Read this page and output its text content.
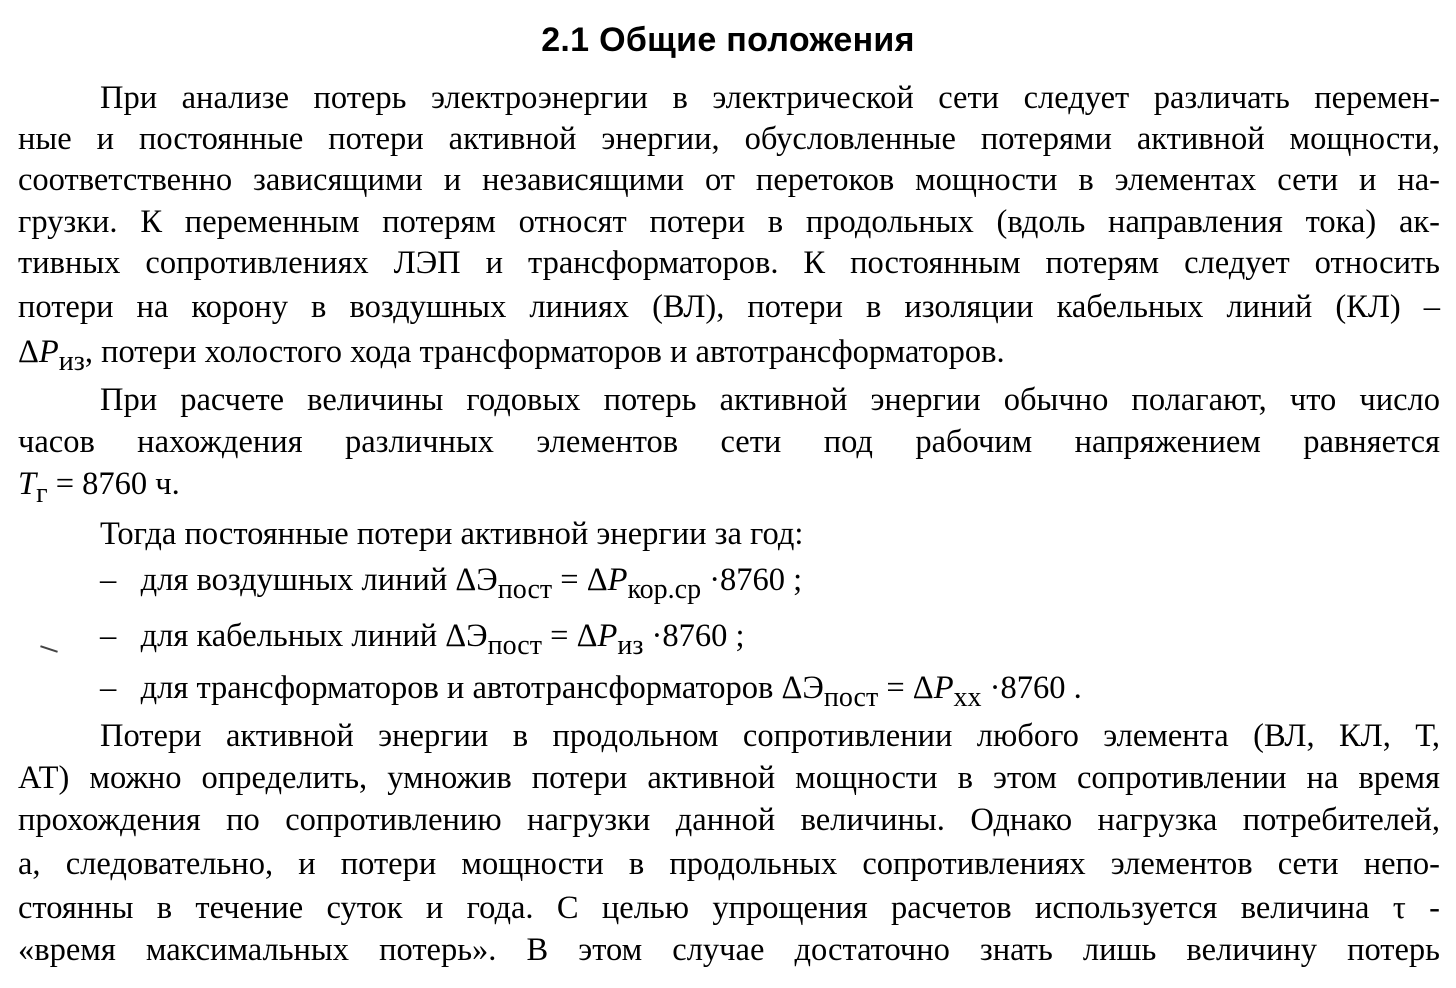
2.1 Общие положения
При анализе потерь электроэнергии в электрической сети следует различать перемен-
ные и постоянные потери активной энергии, обусловленные потерями активной мощности,
соответственно зависящими и независящими от перетоков мощности в элементах сети и на-
грузки. К переменным потерям относят потери в продольных (вдоль направления тока) ак-
тивных сопротивлениях ЛЭП и трансформаторов. К постоянным потерям следует относить
потери на корону в воздушных линиях (ВЛ), потери в изоляции кабельных линий (КЛ) –
$\Delta P_{из}$, потери холостого хода трансформаторов и автотрансформаторов.
При расчете величины годовых потерь активной энергии обычно полагают, что число
часов нахождения различных элементов сети под рабочим напряжением равняется
$T_г = 8760$ ч.
Тогда постоянные потери активной энергии за год:
– для воздушных линий $\Delta Э_{пост} = \Delta P_{кор.ср} \cdot 8760$ ;
– для кабельных линий $\Delta Э_{пост} = \Delta P_{из} \cdot 8760$ ;
– для трансформаторов и автотрансформаторов $\Delta Э_{пост} = \Delta P_{хх} \cdot 8760$ .
Потери активной энергии в продольном сопротивлении любого элемента (ВЛ, КЛ, Т,
АТ) можно определить, умножив потери активной мощности в этом сопротивлении на время
прохождения по сопротивлению нагрузки данной величины. Однако нагрузка потребителей,
а, следовательно, и потери мощности в продольных сопротивлениях элементов сети непо-
стоянны в течение суток и года. С целью упрощения расчетов используется величина τ -
«время максимальных потерь». В этом случае достаточно знать лишь величину потерь
